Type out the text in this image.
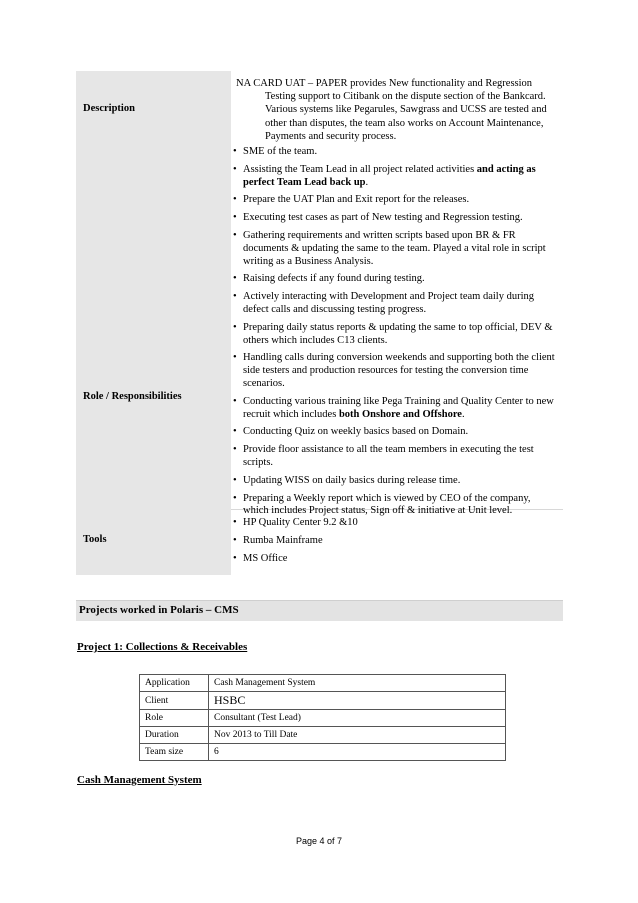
Description
NA CARD UAT – PAPER provides New functionality and Regression
Testing support to Citibank on the dispute section of the Bankcard. Various systems like Pegarules, Sawgrass and UCSS are tested and other than disputes, the team also works on Account Maintenance, Payments and security process.
Role / Responsibilities
• SME of the team.
• Assisting the Team Lead in all project related activities and acting as perfect Team Lead back up.
• Prepare the UAT Plan and Exit report for the releases.
• Executing test cases as part of New testing and Regression testing.
• Gathering requirements and written scripts based upon BR & FR documents & updating the same to the team. Played a vital role in script writing as a Business Analysis.
• Raising defects if any found during testing.
• Actively interacting with Development and Project team daily during defect calls and discussing testing progress.
• Preparing daily status reports & updating the same to top official, DEV & others which includes C13 clients.
• Handling calls during conversion weekends and supporting both the client side testers and production resources for testing the conversion time scenarios.
• Conducting various training like Pega Training and Quality Center to new recruit which includes both Onshore and Offshore.
• Conducting Quiz on weekly basics based on Domain.
• Provide floor assistance to all the team members in executing the test scripts.
• Updating WISS on daily basics during release time.
• Preparing a Weekly report which is viewed by CEO of the company, which includes Project status, Sign off & initiative at Unit level.
Tools
• HP Quality Center 9.2 &10
• Rumba Mainframe
• MS Office
Projects worked in Polaris – CMS
Project 1: Collections & Receivables
Application	Cash Management System
Client	HSBC
Role	Consultant (Test Lead)
Duration	Nov 2013 to Till Date
Team size	6
Cash Management System
Page 4 of 7
